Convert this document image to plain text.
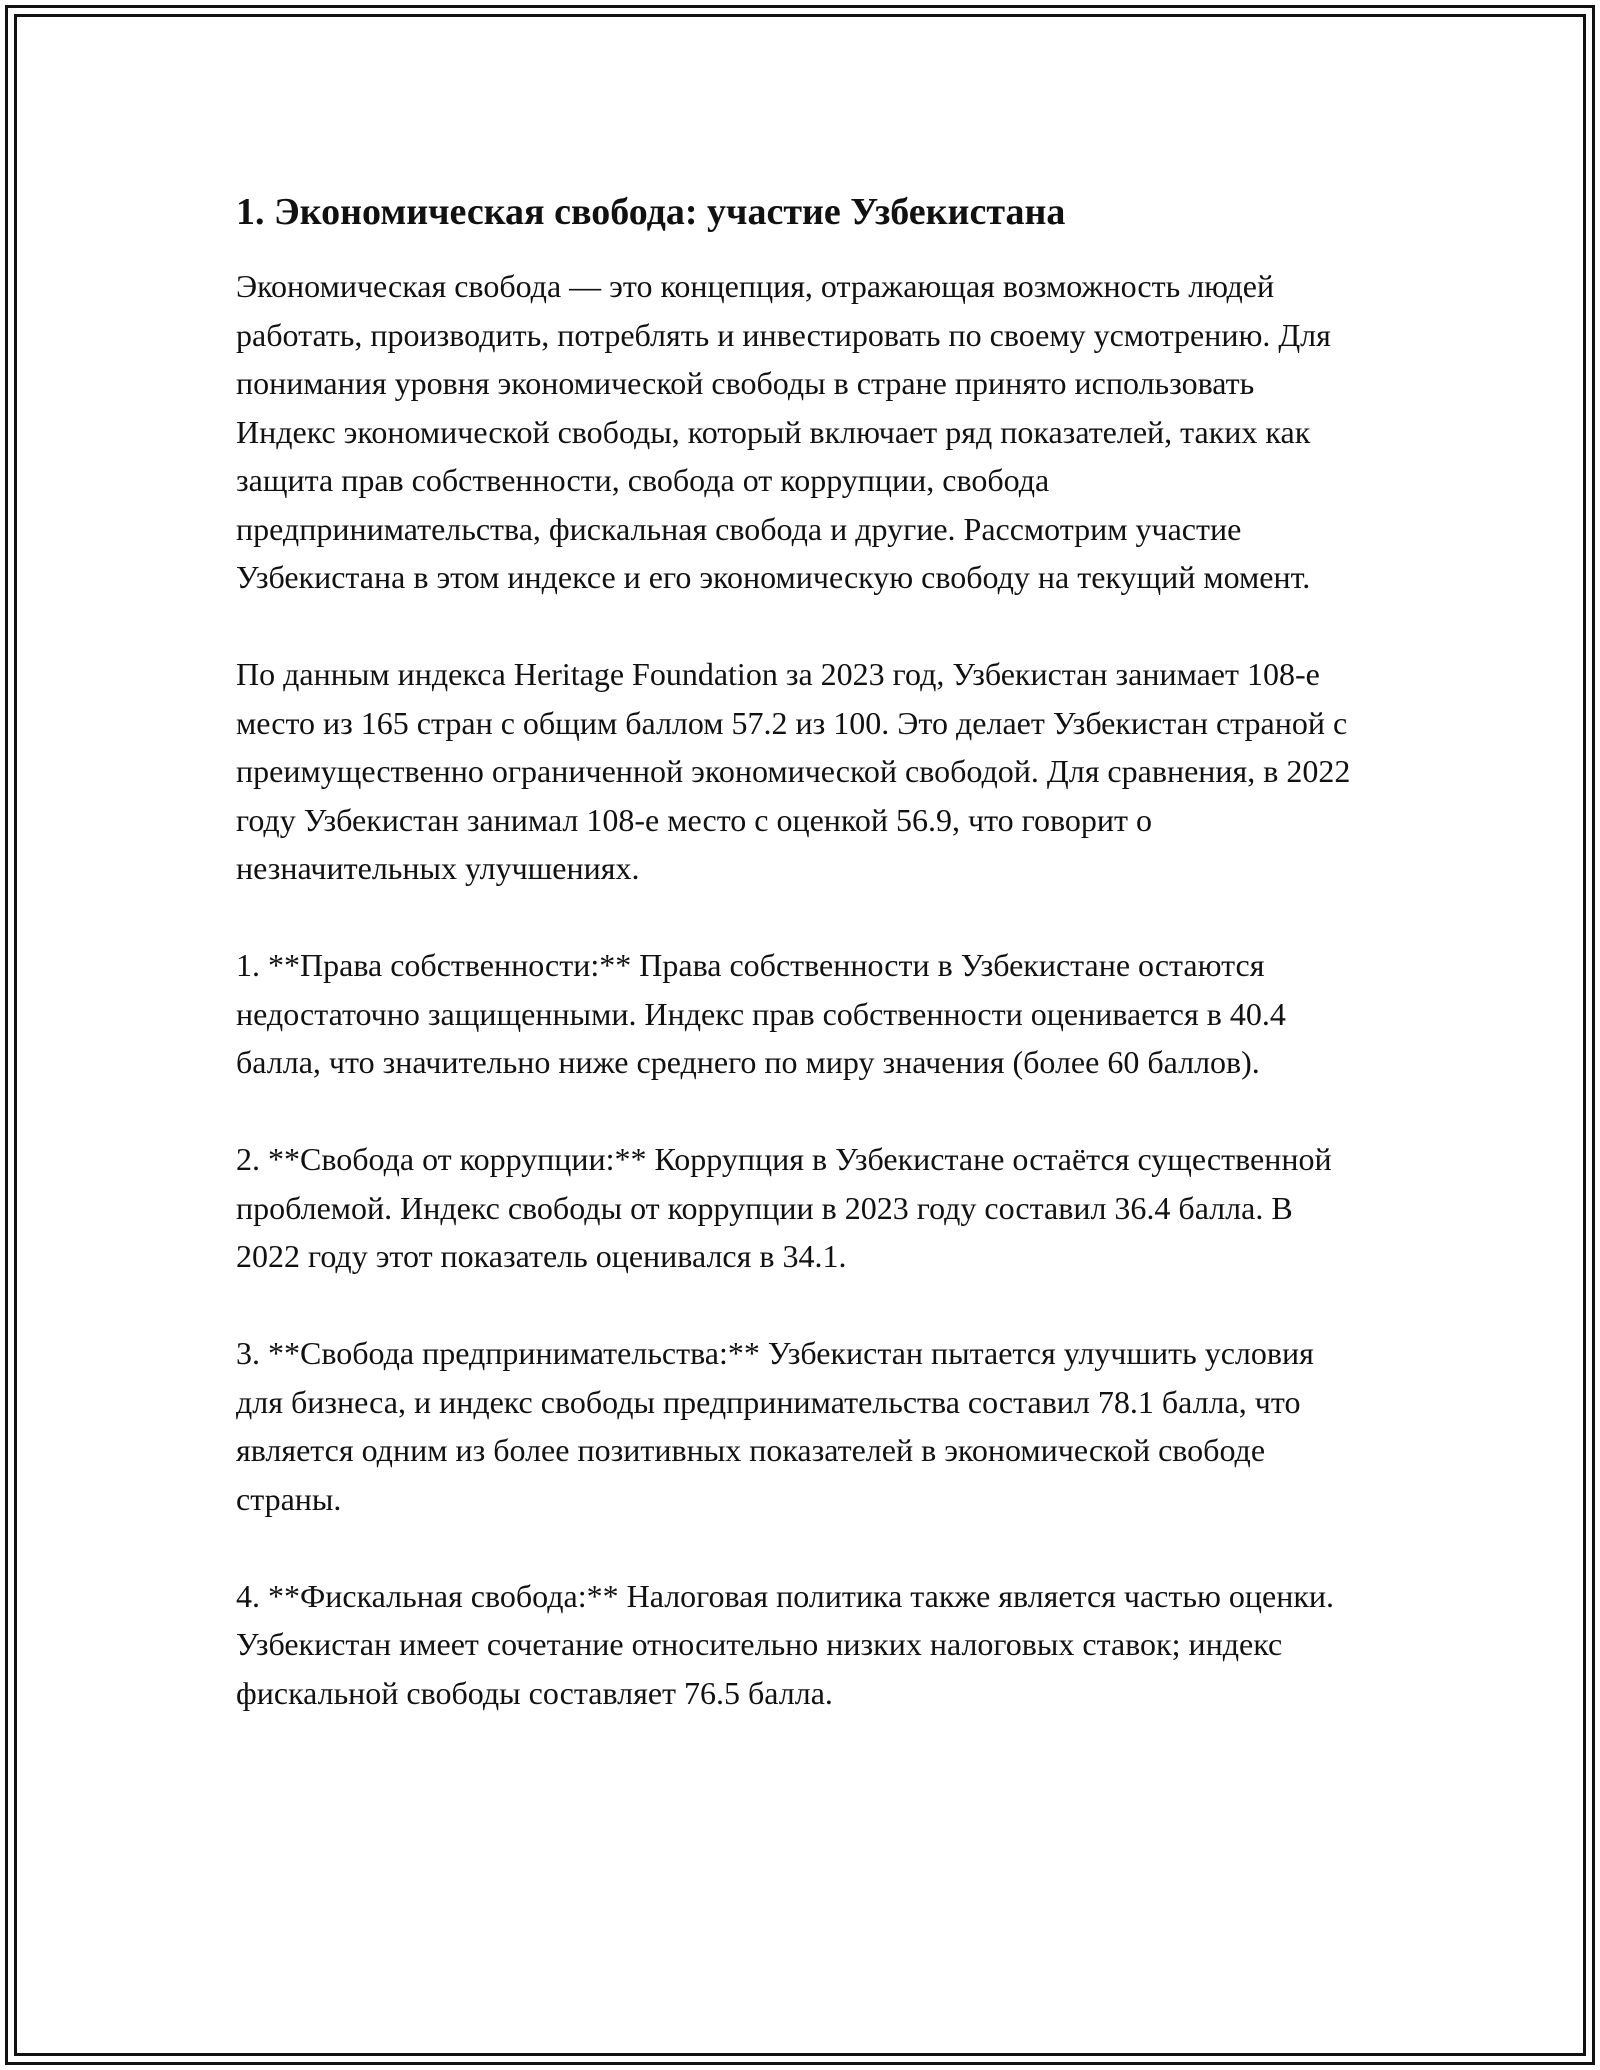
1. Экономическая свобода: участие Узбекистана

Экономическая свобода — это концепция, отражающая возможность людей работать, производить, потреблять и инвестировать по своему усмотрению. Для понимания уровня экономической свободы в стране принято использовать Индекс экономической свободы, который включает ряд показателей, таких как защита прав собственности, свобода от коррупции, свобода предпринимательства, фискальная свобода и другие. Рассмотрим участие Узбекистана в этом индексе и его экономическую свободу на текущий момент.

По данным индекса Heritage Foundation за 2023 год, Узбекистан занимает 108-е место из 165 стран с общим баллом 57.2 из 100. Это делает Узбекистан страной с преимущественно ограниченной экономической свободой. Для сравнения, в 2022 году Узбекистан занимал 108-е место с оценкой 56.9, что говорит о незначительных улучшениях.

1. **Права собственности:** Права собственности в Узбекистане остаются недостаточно защищенными. Индекс прав собственности оценивается в 40.4 балла, что значительно ниже среднего по миру значения (более 60 баллов).

2. **Свобода от коррупции:** Коррупция в Узбекистане остаётся существенной проблемой. Индекс свободы от коррупции в 2023 году составил 36.4 балла. В 2022 году этот показатель оценивался в 34.1.

3. **Свобода предпринимательства:** Узбекистан пытается улучшить условия для бизнеса, и индекс свободы предпринимательства составил 78.1 балла, что является одним из более позитивных показателей в экономической свободе страны.

4. **Фискальная свобода:** Налоговая политика также является частью оценки. Узбекистан имеет сочетание относительно низких налоговых ставок; индекс фискальной свободы составляет 76.5 балла.
